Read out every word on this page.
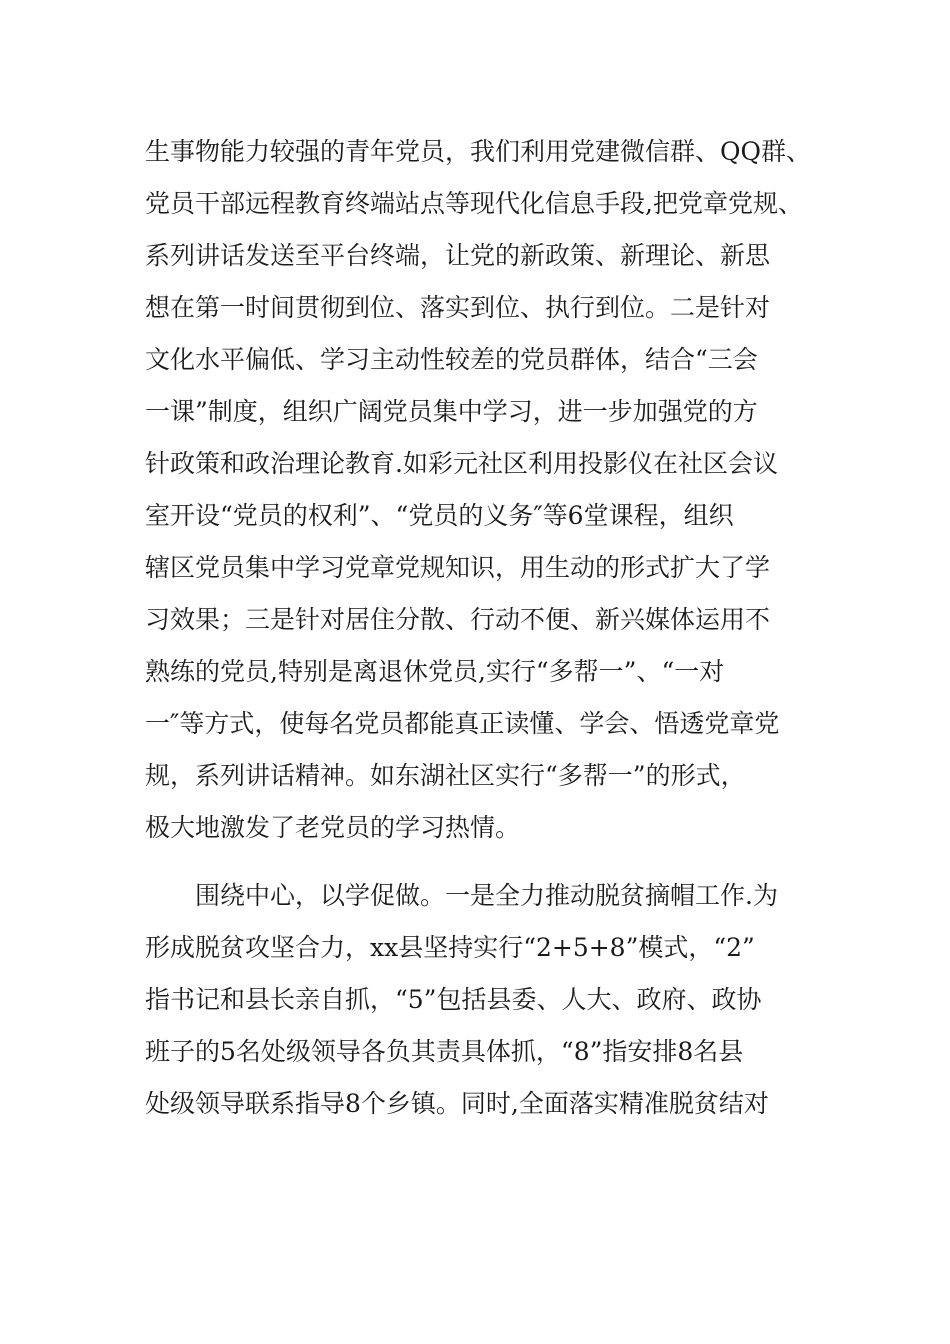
生事物能力较强的青年党员，我们利用党建微信群、QQ群、
党员干部远程教育终端站点等现代化信息手段,把党章党规、
系列讲话发送至平台终端，让党的新政策、新理论、新思
想在第一时间贯彻到位、落实到位、执行到位。二是针对
文化水平偏低、学习主动性较差的党员群体，结合“三会
一课”制度，组织广阔党员集中学习，进一步加强党的方
针政策和政治理论教育.如彩元社区利用投影仪在社区会议
室开设“党员的权利”、“党员的义务″等6堂课程，组织
辖区党员集中学习党章党规知识，用生动的形式扩大了学
习效果；三是针对居住分散、行动不便、新兴媒体运用不
熟练的党员,特别是离退休党员,实行“多帮一”、“一对
一″等方式，使每名党员都能真正读懂、学会、悟透党章党
规，系列讲话精神。如东湖社区实行“多帮一”的形式，
极大地激发了老党员的学习热情。
围绕中心，以学促做。一是全力推动脱贫摘帽工作.为
形成脱贫攻坚合力，xx县坚持实行“2+5+8”模式，“2”
指书记和县长亲自抓，“5”包括县委、人大、政府、政协
班子的5名处级领导各负其责具体抓，“8”指安排8名县
处级领导联系指导8个乡镇。同时,全面落实精准脱贫结对
